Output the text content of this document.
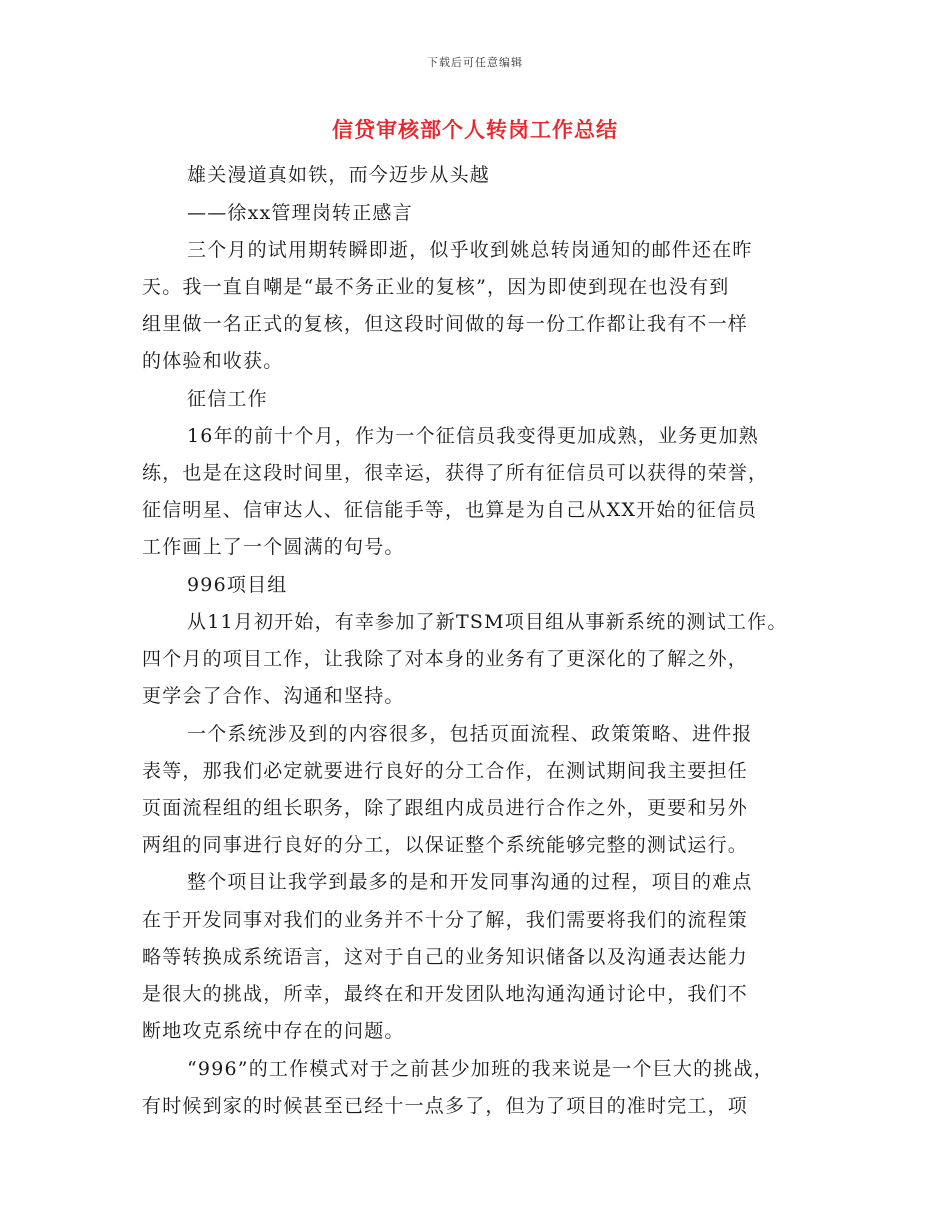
下载后可任意编辑
信贷审核部个人转岗工作总结
雄关漫道真如铁，而今迈步从头越
——徐xx管理岗转正感言
三个月的试用期转瞬即逝，似乎收到姚总转岗通知的邮件还在昨
天。我一直自嘲是“最不务正业的复核”，因为即使到现在也没有到
组里做一名正式的复核，但这段时间做的每一份工作都让我有不一样
的体验和收获。
征信工作
16年的前十个月，作为一个征信员我变得更加成熟，业务更加熟
练，也是在这段时间里，很幸运，获得了所有征信员可以获得的荣誉，
征信明星、信审达人、征信能手等，也算是为自己从XX开始的征信员
工作画上了一个圆满的句号。
996项目组
从11月初开始，有幸参加了新TSM项目组从事新系统的测试工作。
四个月的项目工作，让我除了对本身的业务有了更深化的了解之外，
更学会了合作、沟通和坚持。
一个系统涉及到的内容很多，包括页面流程、政策策略、进件报
表等，那我们必定就要进行良好的分工合作，在测试期间我主要担任
页面流程组的组长职务，除了跟组内成员进行合作之外，更要和另外
两组的同事进行良好的分工，以保证整个系统能够完整的测试运行。
整个项目让我学到最多的是和开发同事沟通的过程，项目的难点
在于开发同事对我们的业务并不十分了解，我们需要将我们的流程策
略等转换成系统语言，这对于自己的业务知识储备以及沟通表达能力
是很大的挑战，所幸，最终在和开发团队地沟通沟通讨论中，我们不
断地攻克系统中存在的问题。
“996”的工作模式对于之前甚少加班的我来说是一个巨大的挑战，
有时候到家的时候甚至已经十一点多了，但为了项目的准时完工，项
